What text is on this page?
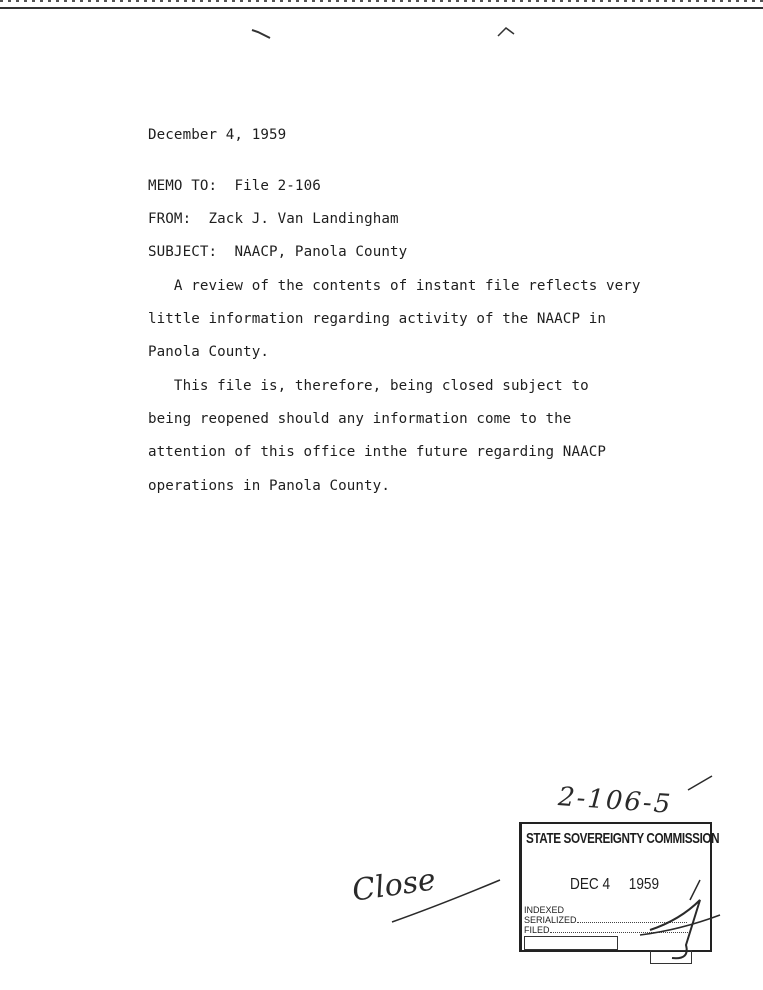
December 4, 1959
MEMO TO: File 2-106
FROM: Zack J. Van Landingham
SUBJECT: NAACP, Panola County
A review of the contents of instant file reflects very
little information regarding activity of the NAACP in
Panola County.
This file is, therefore, being closed subject to
being reopened should any information come to the
attention of this office inthe future regarding NAACP
operations in Panola County.
2-106-5
STATE SOVEREIGNTY COMMISSION
DEC 4 1959
INDEXED
SERIALIZED
FILED
Close
